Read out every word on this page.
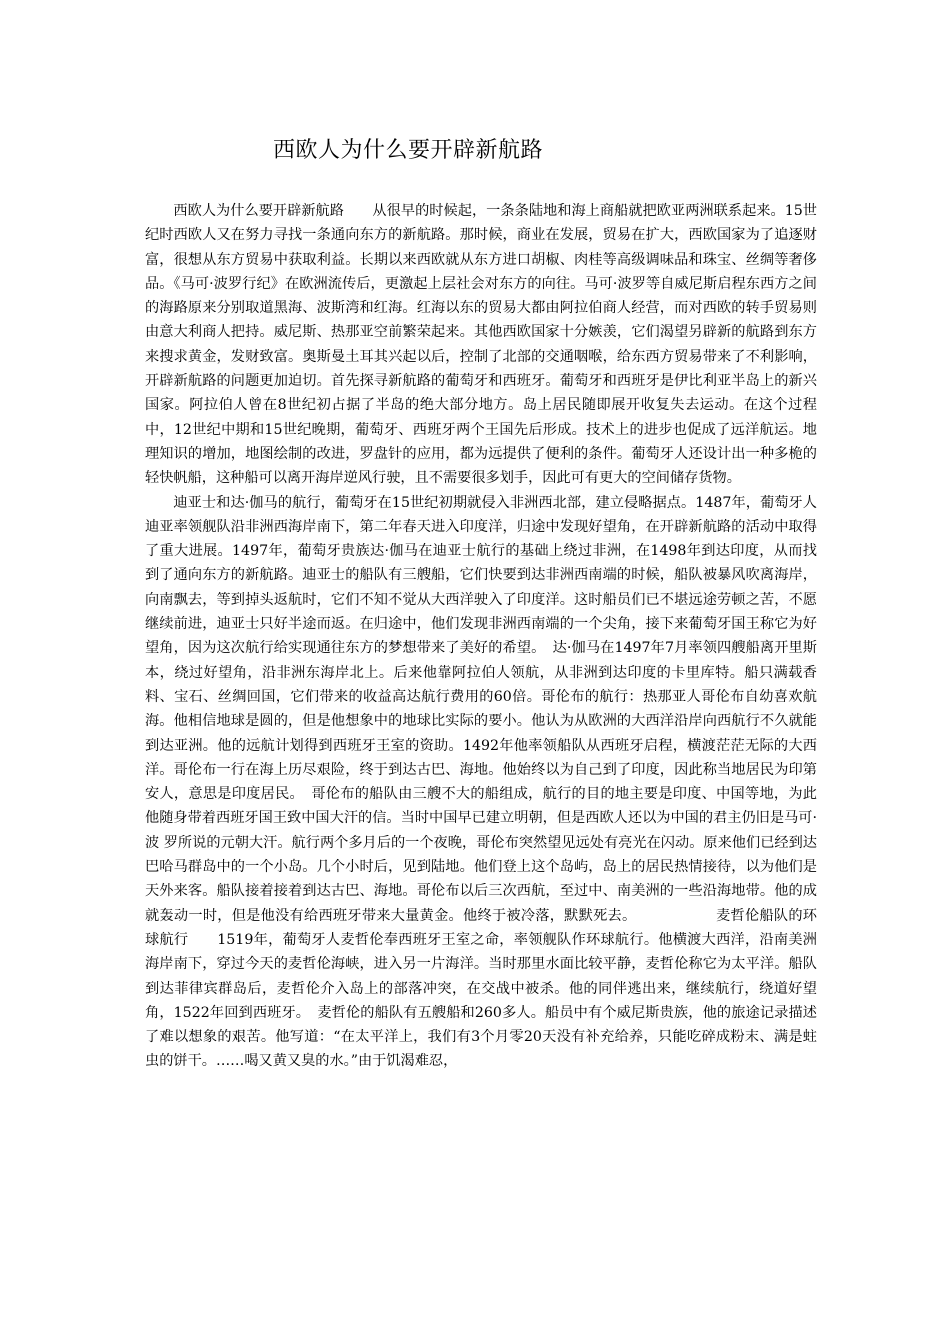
西欧人为什么要开辟新航路

西欧人为什么要开辟新航路　　从很早的时候起，一条条陆地和海上商船就把欧亚两洲联系起来。15世纪时西欧人又在努力寻找一条通向东方的新航路。那时候，商业在发展，贸易在扩大，西欧国家为了追逐财富，很想从东方贸易中获取利益。长期以来西欧就从东方进口胡椒、肉桂等高级调味品和珠宝、丝绸等奢侈品。《马可·波罗行纪》在欧洲流传后，更激起上层社会对东方的向往。马可·波罗等自威尼斯启程东西方之间的海路原来分别取道黑海、波斯湾和红海。红海以东的贸易大都由阿拉伯商人经营，而对西欧的转手贸易则由意大利商人把持。威尼斯、热那亚空前繁荣起来。其他西欧国家十分嫉羡，它们渴望另辟新的航路到东方来搜求黄金，发财致富。奥斯曼土耳其兴起以后，控制了北部的交通咽喉，给东西方贸易带来了不利影响，开辟新航路的问题更加迫切。首先探寻新航路的葡萄牙和西班牙。葡萄牙和西班牙是伊比利亚半岛上的新兴国家。阿拉伯人曾在8世纪初占据了半岛的绝大部分地方。岛上居民随即展开收复失去运动。在这个过程中，12世纪中期和15世纪晚期，葡萄牙、西班牙两个王国先后形成。技术上的进步也促成了远洋航运。地理知识的增加，地图绘制的改进，罗盘针的应用，都为远提供了便利的条件。葡萄牙人还设计出一种多桅的轻快帆船，这种船可以离开海岸逆风行驶，且不需要很多划手，因此可有更大的空间储存货物。

迪亚士和达·伽马的航行，葡萄牙在15世纪初期就侵入非洲西北部，建立侵略据点。1487年，葡萄牙人迪亚率领舰队沿非洲西海岸南下，第二年春天进入印度洋，归途中发现好望角，在开辟新航路的活动中取得了重大进展。1497年，葡萄牙贵族达·伽马在迪亚士航行的基础上绕过非洲，在1498年到达印度，从而找到了通向东方的新航路。迪亚士的船队有三艘船，它们快要到达非洲西南端的时候，船队被暴风吹离海岸，向南飘去，等到掉头返航时，它们不知不觉从大西洋驶入了印度洋。这时船员们已不堪远途劳顿之苦，不愿继续前进，迪亚士只好半途而返。在归途中，他们发现非洲西南端的一个尖角，接下来葡萄牙国王称它为好望角，因为这次航行给实现通往东方的梦想带来了美好的希望。　达·伽马在1497年7月率领四艘船离开里斯本，绕过好望角，沿非洲东海岸北上。后来他靠阿拉伯人领航，从非洲到达印度的卡里库特。船只满载香料、宝石、丝绸回国，它们带来的收益高达航行费用的60倍。哥伦布的航行：热那亚人哥伦布自幼喜欢航海。他相信地球是圆的，但是他想象中的地球比实际的要小。他认为从欧洲的大西洋沿岸向西航行不久就能到达亚洲。他的远航计划得到西班牙王室的资助。1492年他率领船队从西班牙启程，横渡茫茫无际的大西洋。哥伦布一行在海上历尽艰险，终于到达古巴、海地。他始终以为自己到了印度，因此称当地居民为印第安人，意思是印度居民。　哥伦布的船队由三艘不大的船组成，航行的目的地主要是印度、中国等地，为此他随身带着西班牙国王致中国大汗的信。当时中国早已建立明朝，但是西欧人还以为中国的君主仍旧是马可·波 罗所说的元朝大汗。航行两个多月后的一个夜晚，哥伦布突然望见远处有亮光在闪动。原来他们已经到达巴哈马群岛中的一个小岛。几个小时后，见到陆地。他们登上这个岛屿，岛上的居民热情接待，以为他们是天外来客。船队接着接着到达古巴、海地。哥伦布以后三次西航，至过中、南美洲的一些沿海地带。他的成就轰动一时，但是他没有给西班牙带来大量黄金。他终于被冷落，默默死去。　　　　　　麦哲伦船队的环球航行　　1519年，葡萄牙人麦哲伦奉西班牙王室之命，率领舰队作环球航行。他横渡大西洋，沿南美洲海岸南下，穿过今天的麦哲伦海峡，进入另一片海洋。当时那里水面比较平静，麦哲伦称它为太平洋。船队到达菲律宾群岛后，麦哲伦介入岛上的部落冲突，在交战中被杀。他的同伴逃出来，继续航行，绕道好望角，1522年回到西班牙。　麦哲伦的船队有五艘船和260多人。船员中有个威尼斯贵族，他的旅途记录描述了难以想象的艰苦。他写道：“在太平洋上，我们有3个月零20天没有补充给养，只能吃碎成粉末、满是蛀虫的饼干。……喝又黄又臭的水。”由于饥渴难忍，
